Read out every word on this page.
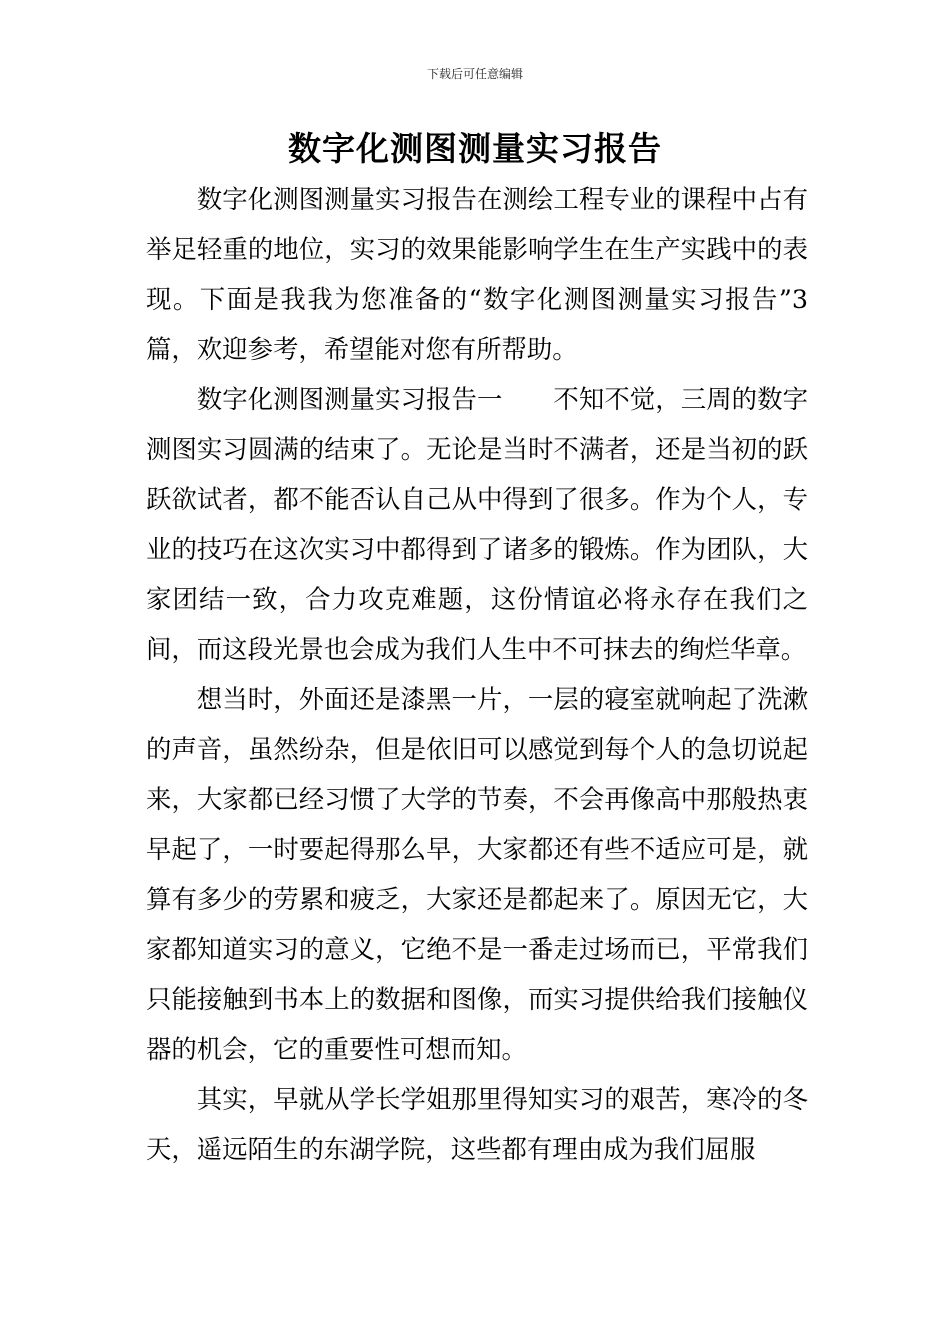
下载后可任意编辑
数字化测图测量实习报告

数字化测图测量实习报告在测绘工程专业的课程中占有举足轻重的地位，实习的效果能影响学生在生产实践中的表现。下面是我我为您准备的“数字化测图测量实习报告”3篇，欢迎参考，希望能对您有所帮助。

数字化测图测量实习报告一　　不知不觉，三周的数字测图实习圆满的结束了。无论是当时不满者，还是当初的跃跃欲试者，都不能否认自己从中得到了很多。作为个人，专业的技巧在这次实习中都得到了诸多的锻炼。作为团队，大家团结一致，合力攻克难题，这份情谊必将永存在我们之间，而这段光景也会成为我们人生中不可抹去的绚烂华章。

想当时，外面还是漆黑一片，一层的寝室就响起了洗漱的声音，虽然纷杂，但是依旧可以感觉到每个人的急切说起来，大家都已经习惯了大学的节奏，不会再像高中那般热衷早起了，一时要起得那么早，大家都还有些不适应可是，就算有多少的劳累和疲乏，大家还是都起来了。原因无它，大家都知道实习的意义，它绝不是一番走过场而已，平常我们只能接触到书本上的数据和图像，而实习提供给我们接触仪器的机会，它的重要性可想而知。

其实，早就从学长学姐那里得知实习的艰苦，寒冷的冬天，遥远陌生的东湖学院，这些都有理由成为我们屈服
